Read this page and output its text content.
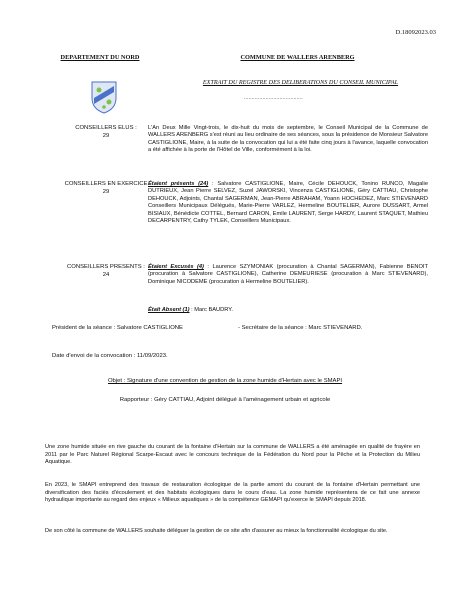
D.18092023.03
DEPARTEMENT DU NORD	COMMUNE DE WALLERS ARENBERG
EXTRAIT DU REGISTRE DES DELIBERATIONS DU CONSEIL MUNICIPAL
......................................
CONSEILLERS ELUS :
29

L'An Deux Mille Vingt-trois, le dix-huit du mois de septembre, le Conseil Municipal de la Commune de WALLERS ARENBERG s'est réuni au lieu ordinaire de ses séances, sous la présidence de Monsieur Salvatore CASTIGLIONE, Maire, à la suite de la convocation qui lui a été faite cinq jours à l'avance, laquelle convocation a été affichée à la porte de l'Hôtel de Ville, conformément à la loi.

CONSEILLERS EN EXERCICE
29

Étaient présents (24) : Salvatore CASTIGLIONE, Maire, Cécile DEHOUCK, Tonino RUNCO, Magalie DUTRIEUX, Jean Pierre SELVEZ, Suzel JAWORSKI, Vincenza CASTIGLIONE, Géry CATTIAU, Christophe DEHOUCK, Adjoints, Chantal SAGERMAN, Jean-Pierre ABRAHAM, Yoann HOCHEDEZ, Marc STIEVENARD Conseillers Municipaux Délégués, Marie-Pierre VARLEZ, Hermeline BOUTELIER, Aurore DUSSART, Armel BISIAUX, Bénédicte COTTEL, Bernard CARON, Emile LAURENT, Serge HARDY, Laurent STAQUET, Mathieu DECARPENTRY, Cathy TYLEK, Conseillers Municipaux.

CONSEILLERS PRESENTS :
24

Étaient Excusés (4) : Laurence SZYMONIAK (procuration à Chantal SAGERMAN), Fabienne BENOIT (procuration à Salvatore CASTIGLIONE), Catherine DEMEURIESE (procuration à Marc STIEVENARD), Dominique NICODEME (procuration à Hermeline BOUTELIER).

Était Absent (1) : Marc BAUDRY.

Président de la séance : Salvatore CASTIGLIONE	- Secrétaire de la séance : Marc STIEVENARD.
Date d'envoi de la convocation : 11/09/2023.
Objet : Signature d'une convention de gestion de la zone humide d'Hertain avec le SMAPI
Rapporteur : Géry CATTIAU, Adjoint délégué à l'aménagement urbain et agricole
Une zone humide située en rive gauche du courant de la fontaine d'Hertain sur la commune de WALLERS a été aménagée en qualité de frayère en 2011 par le Parc Naturel Régional Scarpe-Escaut avec le concours technique de la Fédération du Nord pour la Pêche et la Protection du Milieu Aquatique.
En 2023, le SMAPI entreprend des travaux de restauration écologique de la partie amont du courant de la fontaine d'Hertain permettant une diversification des faciès d'écoulement et des habitats écologiques dans le cours d'eau. La zone humide représentera de ce fait une annexe hydraulique importante au regard des enjeux « Milieux aquatiques » de la compétence GEMAPI qu'exerce le SMAPI depuis 2018.
De son côté la commune de WALLERS souhaite déléguer la gestion de ce site afin d'assurer au mieux la fonctionnalité écologique du site.
